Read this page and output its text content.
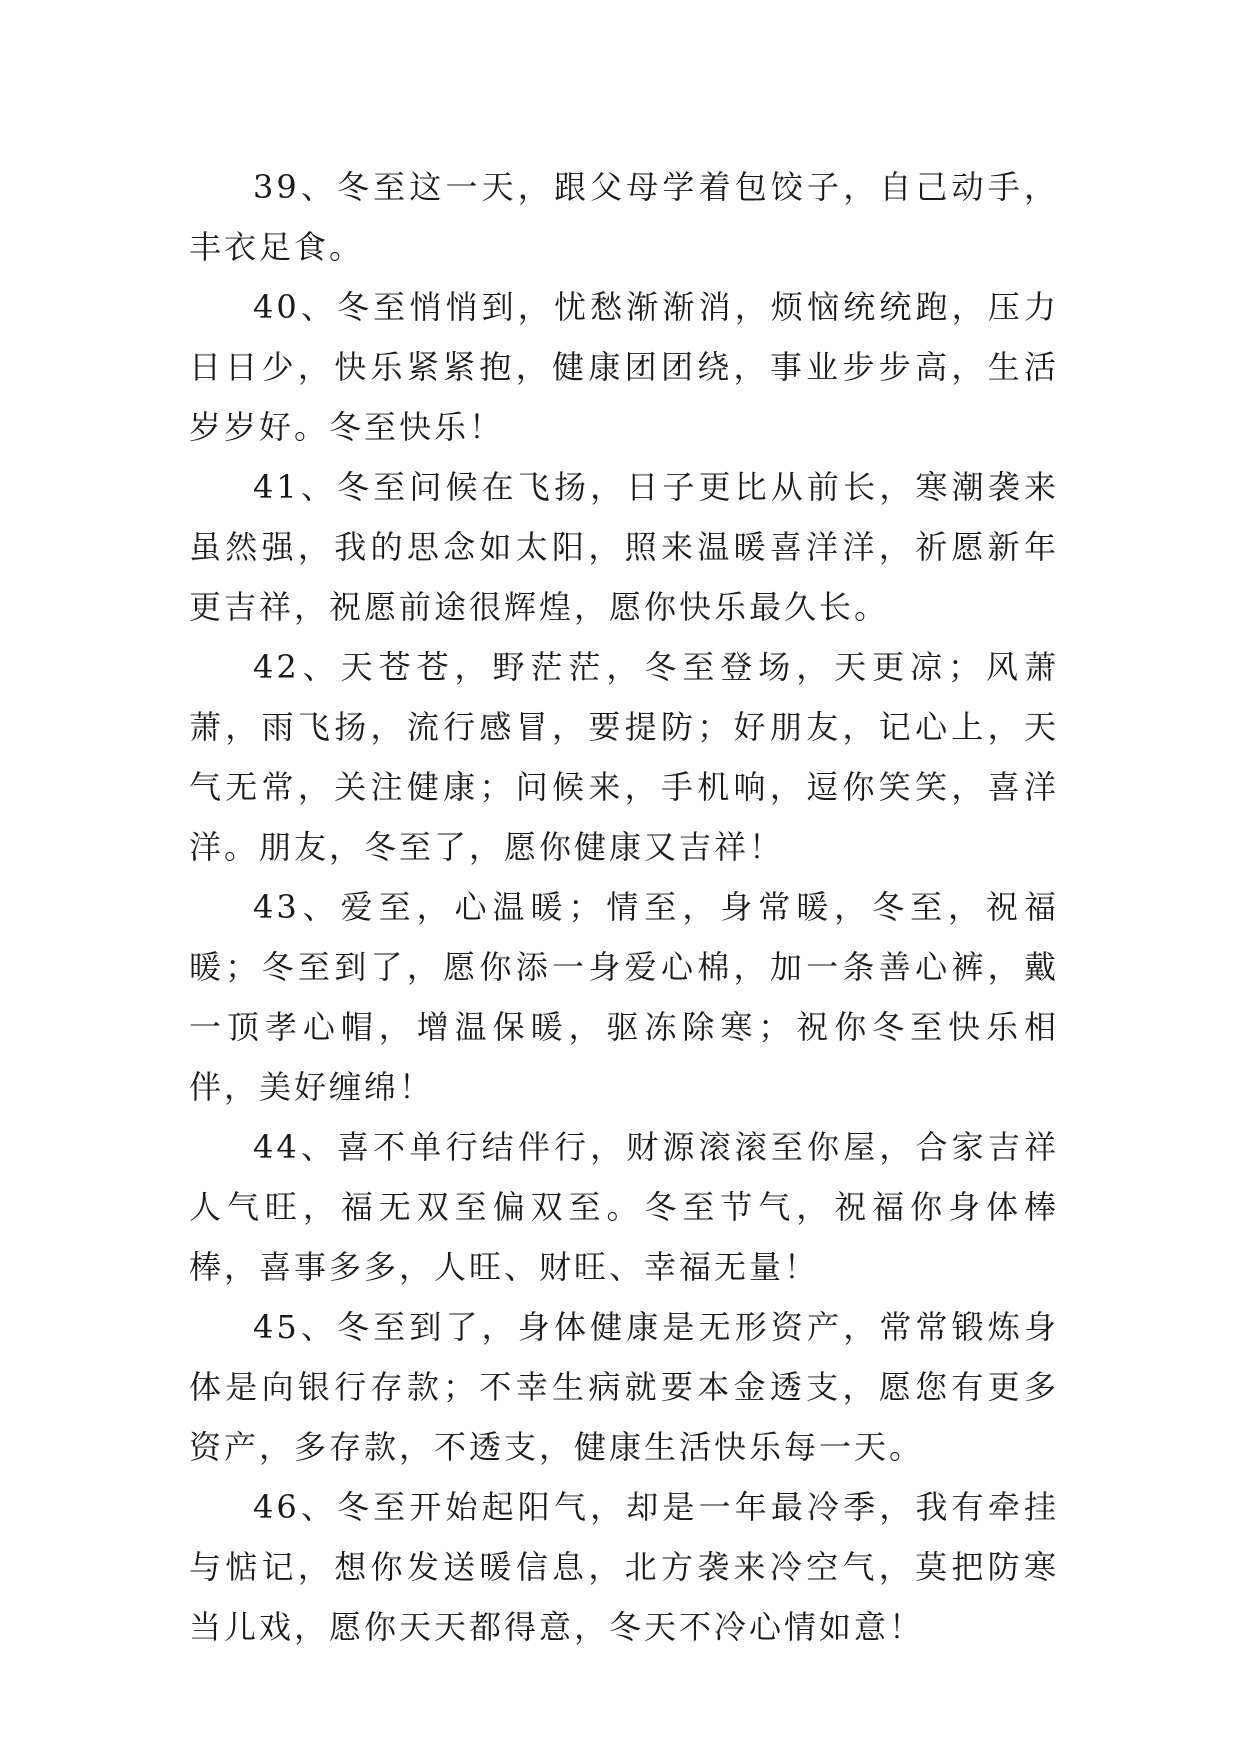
39、冬至这一天，跟父母学着包饺子，自己动手，丰衣足食。

40、冬至悄悄到，忧愁渐渐消，烦恼统统跑，压力日日少，快乐紧紧抱，健康团团绕，事业步步高，生活岁岁好。冬至快乐！

41、冬至问候在飞扬，日子更比从前长，寒潮袭来虽然强，我的思念如太阳，照来温暖喜洋洋，祈愿新年更吉祥，祝愿前途很辉煌，愿你快乐最久长。

42、天苍苍，野茫茫，冬至登场，天更凉；风萧萧，雨飞扬，流行感冒，要提防；好朋友，记心上，天气无常，关注健康；问候来，手机响，逗你笑笑，喜洋洋。朋友，冬至了，愿你健康又吉祥！

43、爱至，心温暖；情至，身常暖，冬至，祝福暖；冬至到了，愿你添一身爱心棉，加一条善心裤，戴一顶孝心帽，增温保暖，驱冻除寒；祝你冬至快乐相伴，美好缠绵！

44、喜不单行结伴行，财源滚滚至你屋，合家吉祥人气旺，福无双至偏双至。冬至节气，祝福你身体棒棒，喜事多多，人旺、财旺、幸福无量！

45、冬至到了，身体健康是无形资产，常常锻炼身体是向银行存款；不幸生病就要本金透支，愿您有更多资产，多存款，不透支，健康生活快乐每一天。

46、冬至开始起阳气，却是一年最冷季，我有牵挂与惦记，想你发送暖信息，北方袭来冷空气，莫把防寒当儿戏，愿你天天都得意，冬天不冷心情如意！
